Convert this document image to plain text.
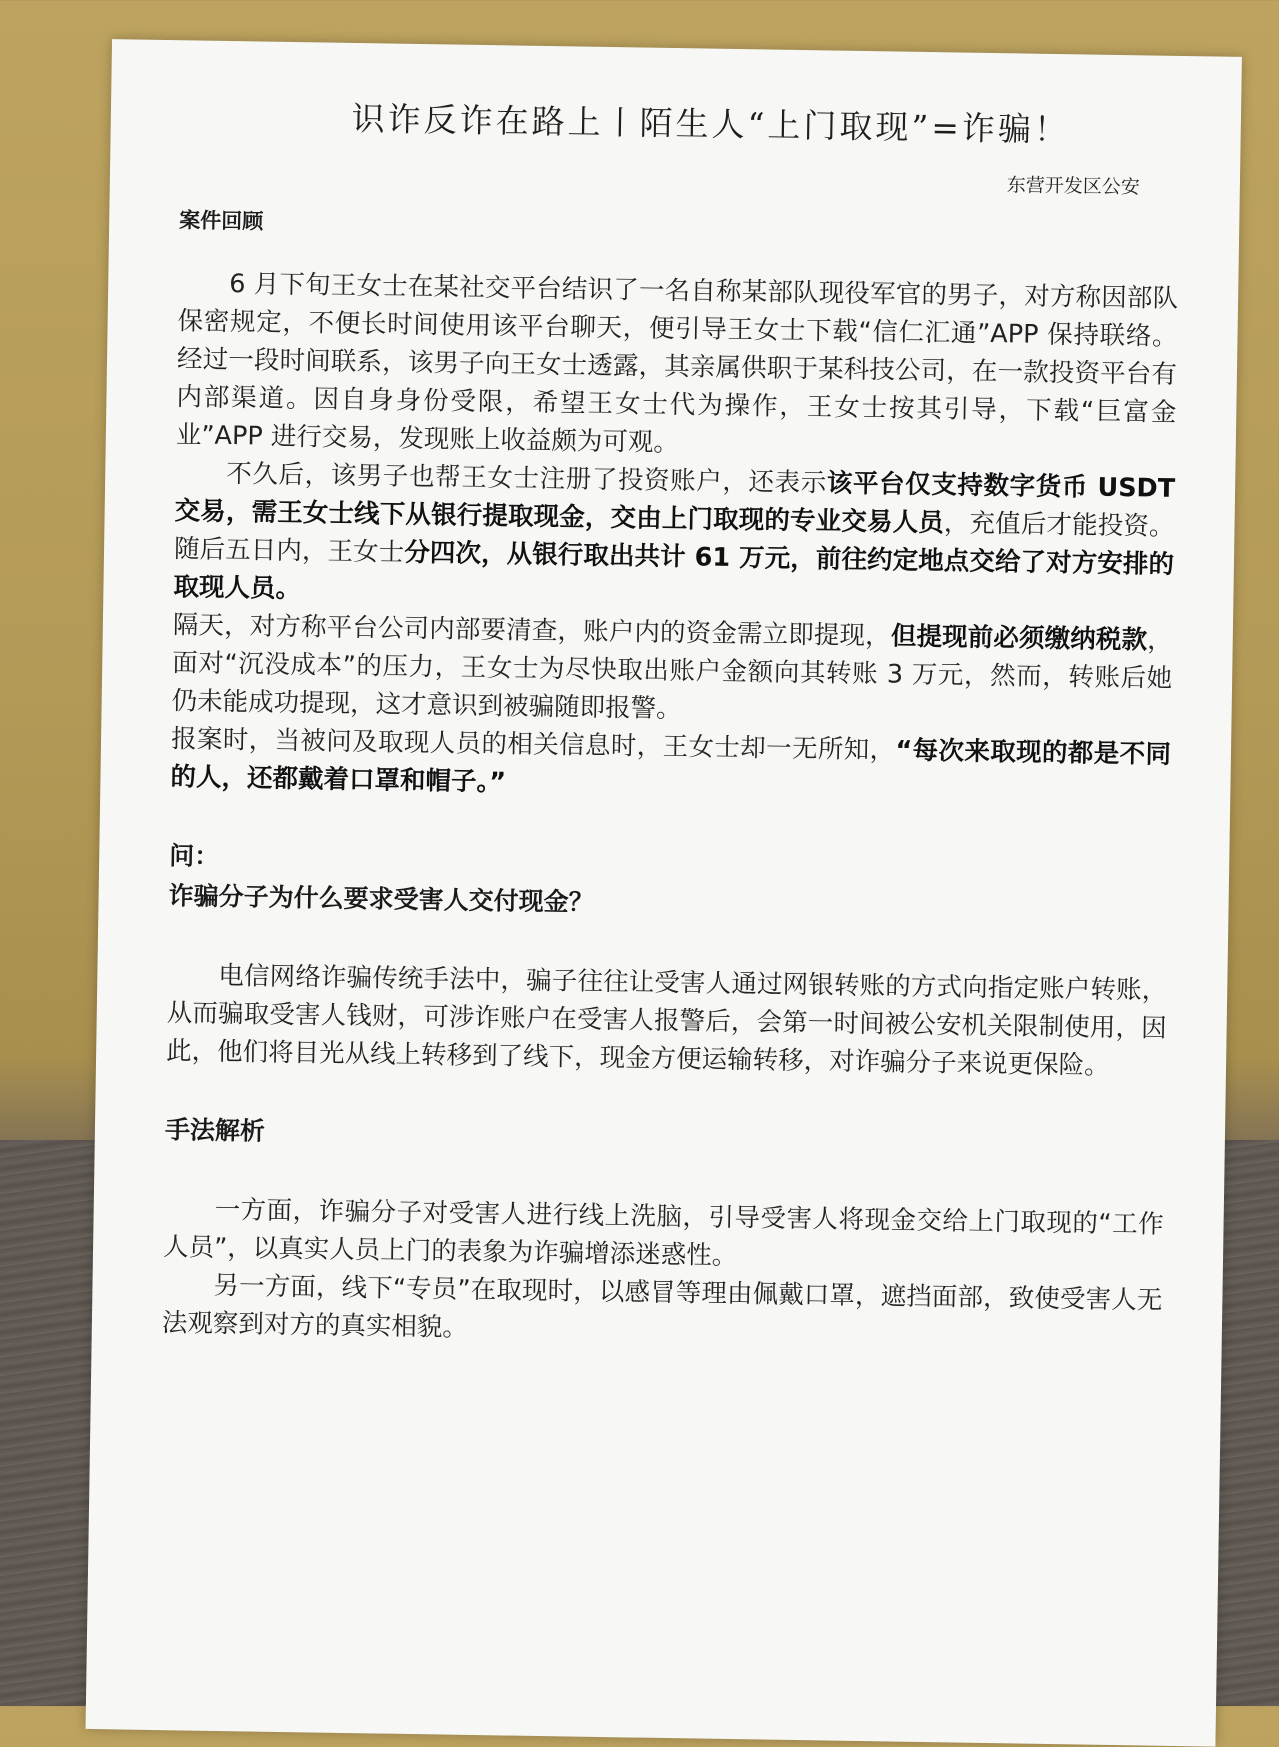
识诈反诈在路上丨陌生人“上门取现”=诈骗！
东营开发区公安
案件回顾

6 月下旬王女士在某社交平台结识了一名自称某部队现役军官的男子，对方称因部队保密规定，不便长时间使用该平台聊天，便引导王女士下载“信仁汇通”APP 保持联络。经过一段时间联系，该男子向王女士透露，其亲属供职于某科技公司，在一款投资平台有内部渠道。因自身身份受限，希望王女士代为操作，王女士按其引导，下载“巨富金业”APP 进行交易，发现账上收益颇为可观。

不久后，该男子也帮王女士注册了投资账户，还表示该平台仅支持数字货币 USDT 交易，需王女士线下从银行提取现金，交由上门取现的专业交易人员，充值后才能投资。随后五日内，王女士分四次，从银行取出共计 61 万元，前往约定地点交给了对方安排的取现人员。

隔天，对方称平台公司内部要清查，账户内的资金需立即提现，但提现前必须缴纳税款，面对“沉没成本”的压力，王女士为尽快取出账户金额向其转账 3 万元，然而，转账后她仍未能成功提现，这才意识到被骗随即报警。

报案时，当被问及取现人员的相关信息时，王女士却一无所知，“每次来取现的都是不同的人，还都戴着口罩和帽子。”

问：
诈骗分子为什么要求受害人交付现金？

电信网络诈骗传统手法中，骗子往往让受害人通过网银转账的方式向指定账户转账，从而骗取受害人钱财，可涉诈账户在受害人报警后，会第一时间被公安机关限制使用，因此，他们将目光从线上转移到了线下，现金方便运输转移，对诈骗分子来说更保险。

手法解析

一方面，诈骗分子对受害人进行线上洗脑，引导受害人将现金交给上门取现的“工作人员”，以真实人员上门的表象为诈骗增添迷惑性。

另一方面，线下“专员”在取现时，以感冒等理由佩戴口罩，遮挡面部，致使受害人无法观察到对方的真实相貌。
